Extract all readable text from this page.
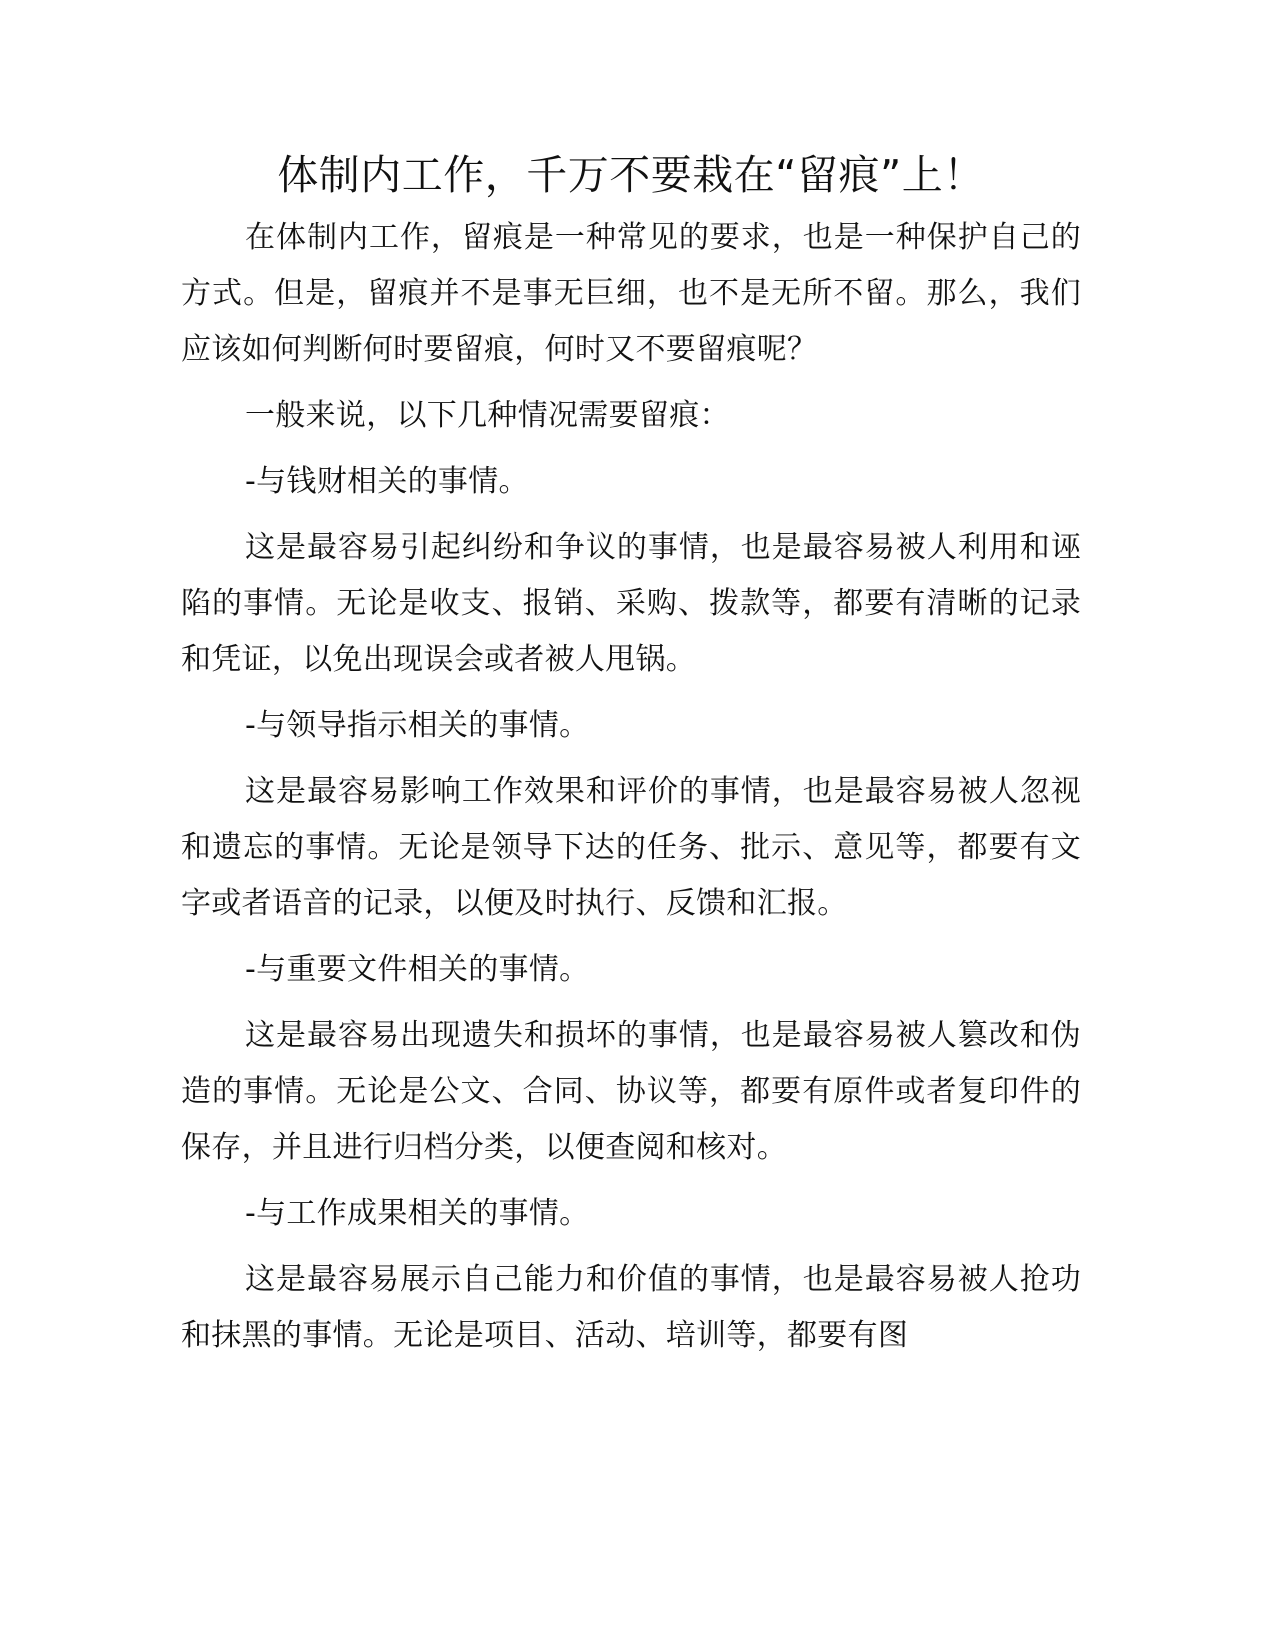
体制内工作，千万不要栽在“留痕”上！

在体制内工作，留痕是一种常见的要求，也是一种保护自己的方式。但是，留痕并不是事无巨细，也不是无所不留。那么，我们应该如何判断何时要留痕，何时又不要留痕呢？

一般来说，以下几种情况需要留痕：

-与钱财相关的事情。

这是最容易引起纠纷和争议的事情，也是最容易被人利用和诬陷的事情。无论是收支、报销、采购、拨款等，都要有清晰的记录和凭证，以免出现误会或者被人甩锅。

-与领导指示相关的事情。

这是最容易影响工作效果和评价的事情，也是最容易被人忽视和遗忘的事情。无论是领导下达的任务、批示、意见等，都要有文字或者语音的记录，以便及时执行、反馈和汇报。

-与重要文件相关的事情。

这是最容易出现遗失和损坏的事情，也是最容易被人篡改和伪造的事情。无论是公文、合同、协议等，都要有原件或者复印件的保存，并且进行归档分类，以便查阅和核对。

-与工作成果相关的事情。

这是最容易展示自己能力和价值的事情，也是最容易被人抢功和抹黑的事情。无论是项目、活动、培训等，都要有图
